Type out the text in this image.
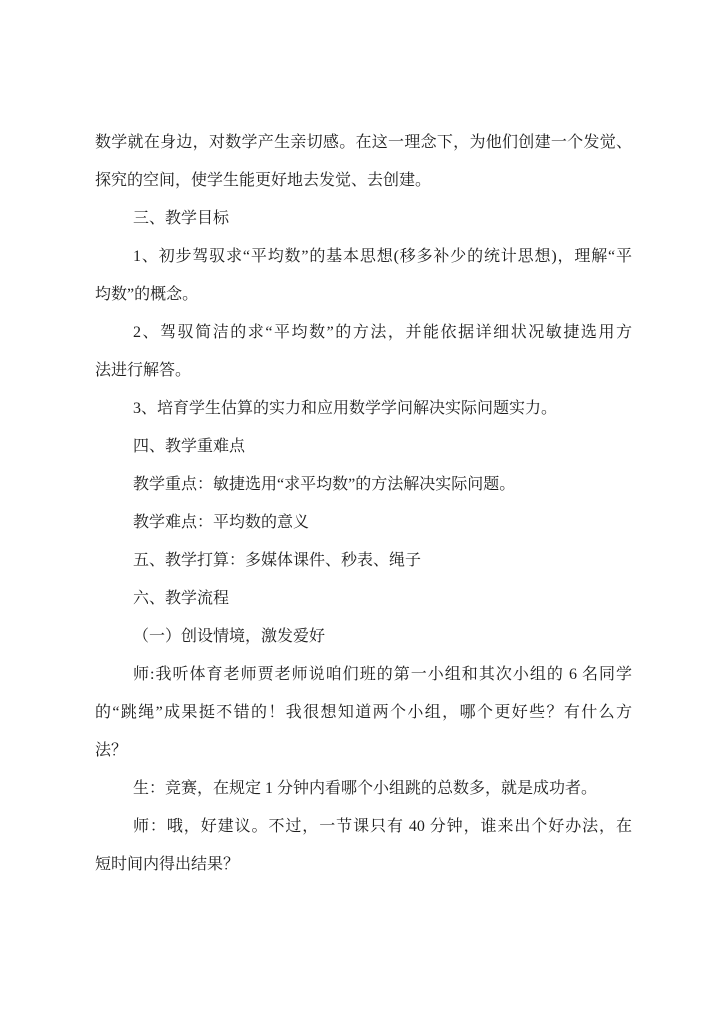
数学就在身边，对数学产生亲切感。在这一理念下，为他们创建一个发觉、
探究的空间，使学生能更好地去发觉、去创建。
三、教学目标
1、初步驾驭求“平均数”的基本思想(移多补少的统计思想)，理解“平
均数”的概念。
2、驾驭简洁的求“平均数”的方法，并能依据详细状况敏捷选用方
法进行解答。
3、培育学生估算的实力和应用数学学问解决实际问题实力。
四、教学重难点
教学重点：敏捷选用“求平均数”的方法解决实际问题。
教学难点：平均数的意义
五、教学打算：多媒体课件、秒表、绳子
六、教学流程
（一）创设情境，激发爱好
师:我听体育老师贾老师说咱们班的第一小组和其次小组的 6 名同学
的“跳绳”成果挺不错的！我很想知道两个小组，哪个更好些？有什么方
法？
生：竞赛，在规定 1 分钟内看哪个小组跳的总数多，就是成功者。
师：哦，好建议。不过，一节课只有 40 分钟，谁来出个好办法，在
短时间内得出结果？
